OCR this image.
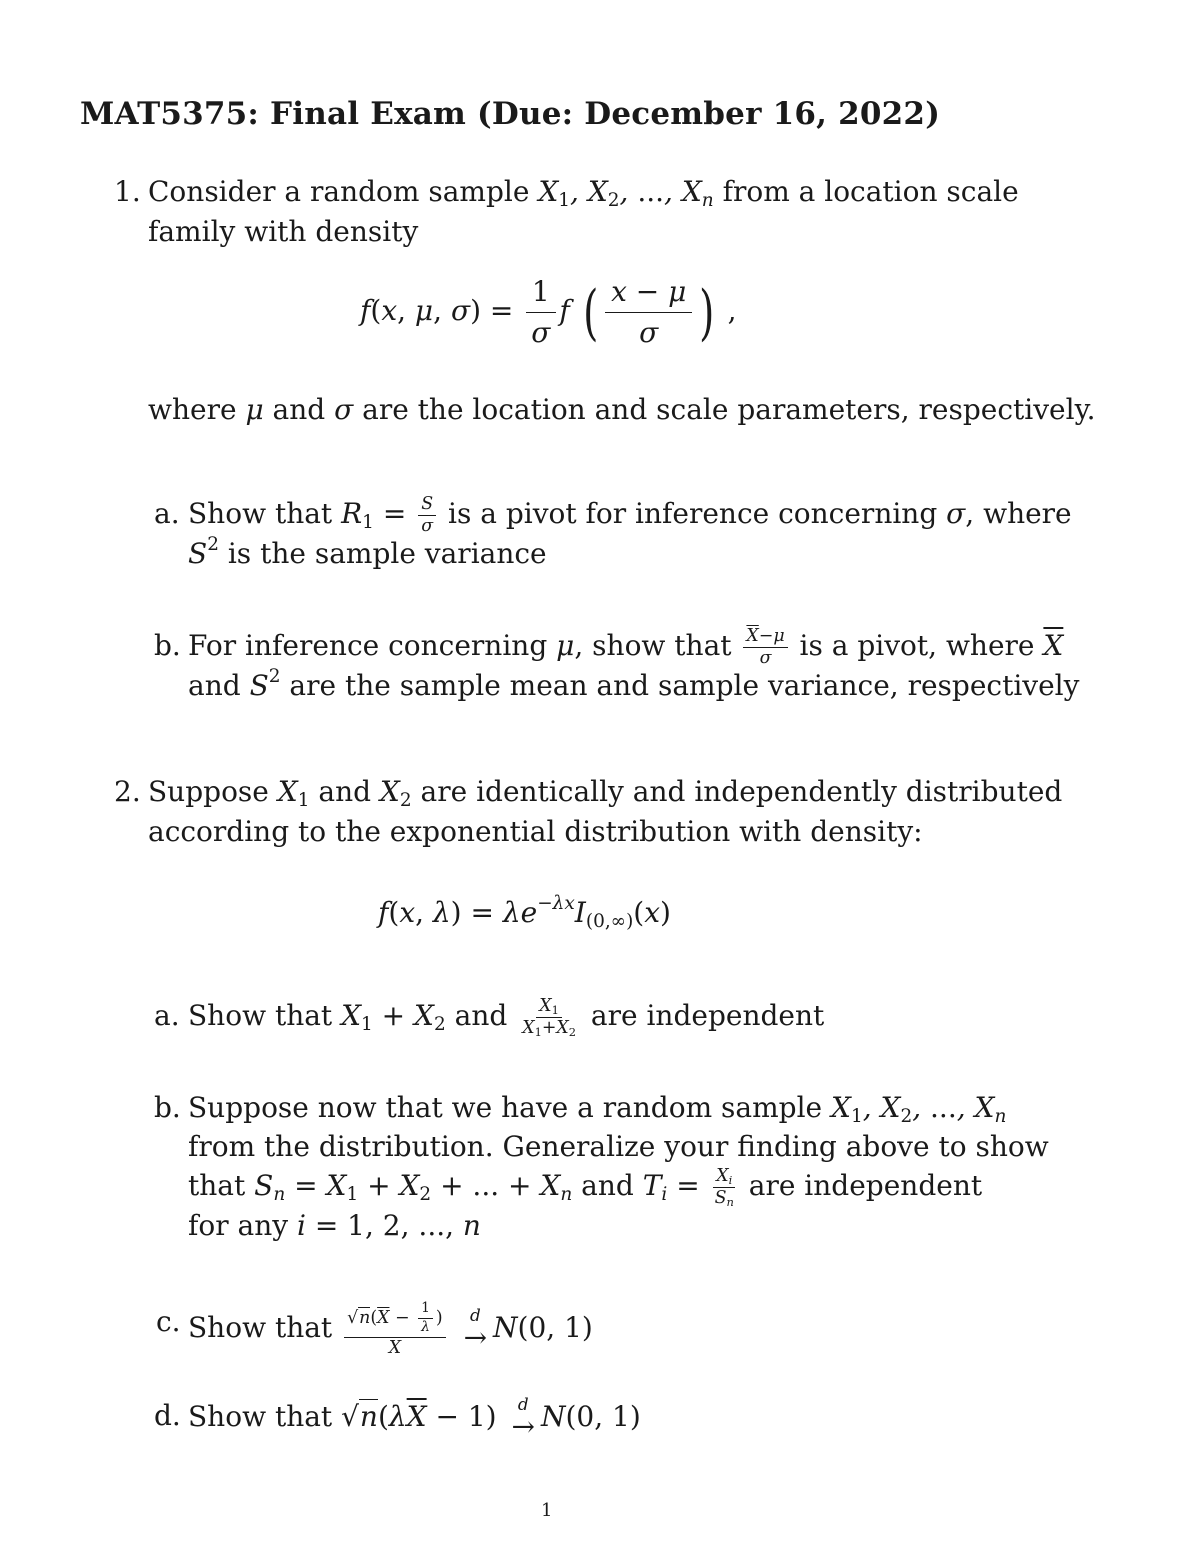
MAT5375: Final Exam (Due: December 16, 2022)
1. Consider a random sample $X_1$, $X_2$, ..., $X_n$ from a location scale
family with density
f(x, μ, $\sigma) = \frac{1}{\sigma}$ f ( $\frac{x - \mu}{\sigma}$ ) ,
where μ and σ are the location and scale parameters, respectively.
a. Show that $R_1 = \frac{S}{\sigma}$ is a pivot for inference concerning σ, where
$S^2$ is the sample variance
b. For inference concerning μ, show that $\frac{\overline{X}-\mu}{\sigma}$ is a pivot, where $\overline{X}$
and $S^2$ are the sample mean and sample variance, respectively
2. Suppose $X_1$ and $X_2$ are identically and independently distributed
according to the exponential distribution with density:
f(x, $\lambda) = \lambda e^{-\lambda x}I_{(0,\infty)}(x)$
a. Show that $X_1 + X_2$ and $\frac{X_1}{X_1+X_2}$ are independent
b. Suppose now that we have a random sample $X_1$, $X_2$, ..., $X_n$
from the distribution. Generalize your finding above to show
that $S_n = X_1 + X_2$ + ... + $X_n$ and $T_i = \frac{X_i}{S_n}$ are independent
for any i = 1, 2, ..., n
c. Show that $\frac{√n(\overline{X} - \frac{1}{\lambda} )}{X}$
d
→ N(0, 1)
d. Show that $√n(\lambda\overline{X} - 1)$ d
→ N(0, 1)
1
